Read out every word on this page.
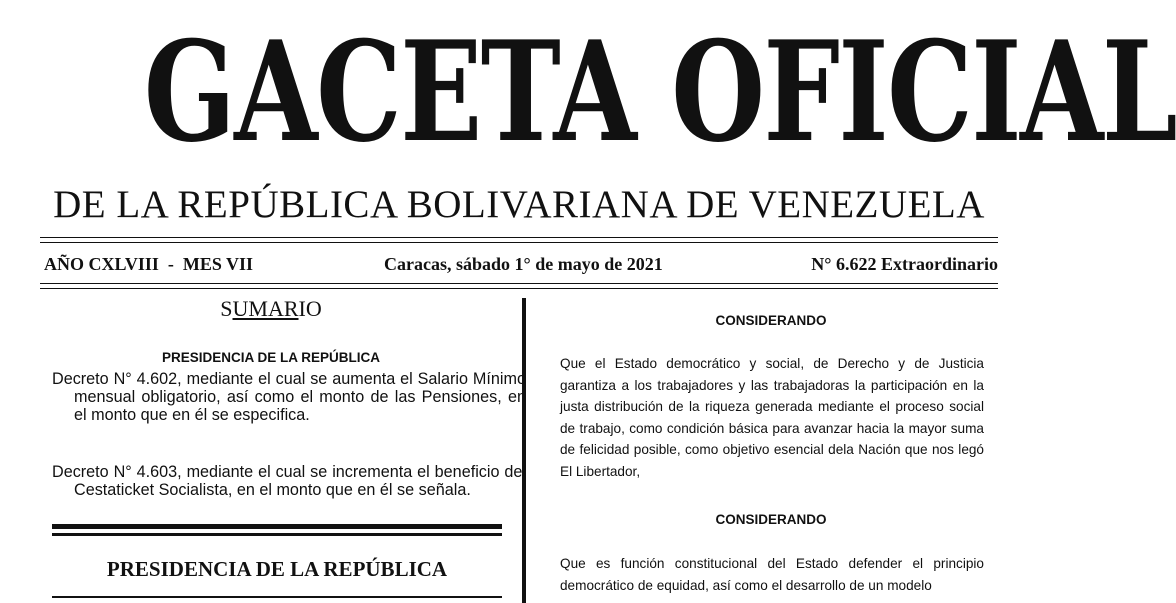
GACETA OFICIAL
DE LA REPÚBLICA BOLIVARIANA DE VENEZUELA
AÑO CXLVIII  -  MES VII	Caracas, sábado 1° de mayo de 2021	N° 6.622 Extraordinario
SUMARIO
PRESIDENCIA DE LA REPÚBLICA
Decreto N° 4.602, mediante el cual se aumenta el Salario Mínimo mensual obligatorio, así como el monto de las Pensiones, en el monto que en él se especifica.
Decreto N° 4.603, mediante el cual se incrementa el beneficio del Cestaticket Socialista, en el monto que en él se señala.
PRESIDENCIA DE LA REPÚBLICA
CONSIDERANDO
Que el Estado democrático y social, de Derecho y de Justicia garantiza a los trabajadores y las trabajadoras la participación en la justa distribución de la riqueza generada mediante el proceso social de trabajo, como condición básica para avanzar hacia la mayor suma de felicidad posible, como objetivo esencial dela Nación que nos legó El Libertador,
CONSIDERANDO
Que es función constitucional del Estado defender el principio democrático de equidad, así como el desarrollo de un modelo
